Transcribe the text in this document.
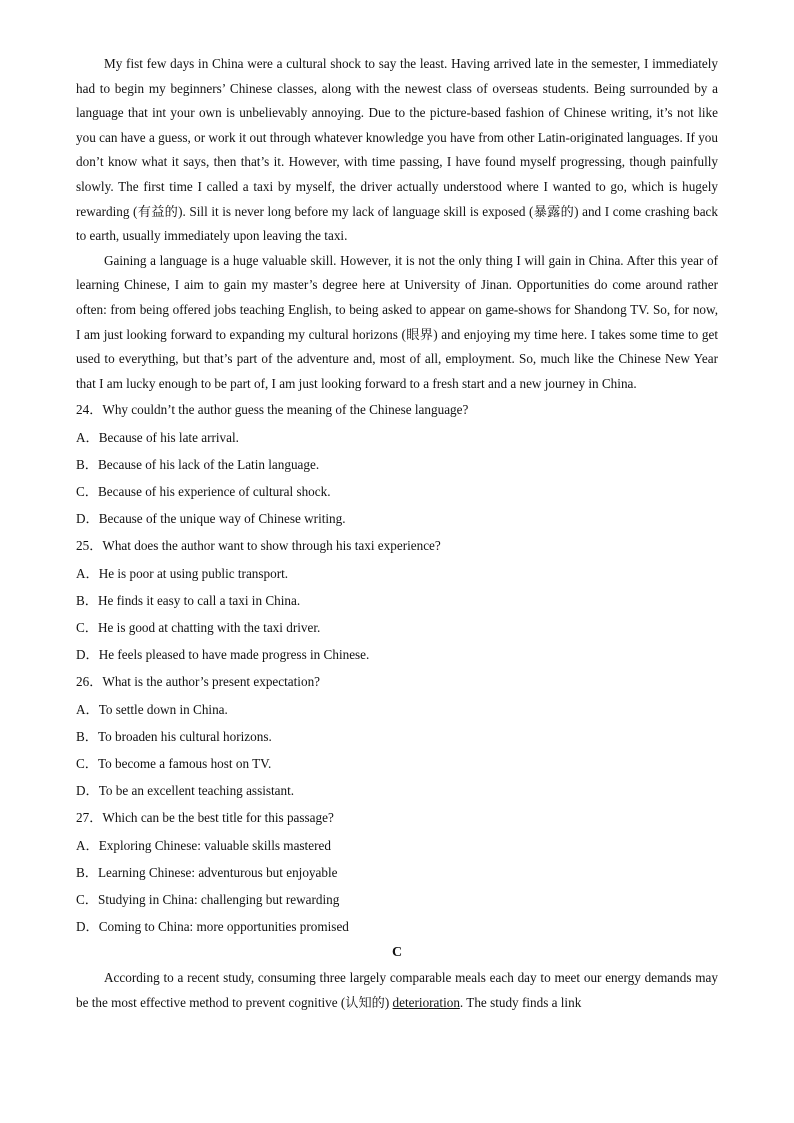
My fist few days in China were a cultural shock to say the least. Having arrived late in the semester, I immediately had to begin my beginners’ Chinese classes, along with the newest class of overseas students. Being surrounded by a language that int your own is unbelievably annoying. Due to the picture-based fashion of Chinese writing, it’s not like you can have a guess, or work it out through whatever knowledge you have from other Latin-originated languages. If you don’t know what it says, then that’s it. However, with time passing, I have found myself progressing, though painfully slowly. The first time I called a taxi by myself, the driver actually understood where I wanted to go, which is hugely rewarding (有益的). Sill it is never long before my lack of language skill is exposed (暴露的) and I come crashing back to earth, usually immediately upon leaving the taxi.

Gaining a language is a huge valuable skill. However, it is not the only thing I will gain in China. After this year of learning Chinese, I aim to gain my master’s degree here at University of Jinan. Opportunities do come around rather often: from being offered jobs teaching English, to being asked to appear on game-shows for Shandong TV. So, for now, I am just looking forward to expanding my cultural horizons (眼界) and enjoying my time here. I takes some time to get used to everything, but that’s part of the adventure and, most of all, employment. So, much like the Chinese New Year that I am lucky enough to be part of, I am just looking forward to a fresh start and a new journey in China.

24．Why couldn’t the author guess the meaning of the Chinese language?

A．Because of his late arrival.

B．Because of his lack of the Latin language.

C．Because of his experience of cultural shock.

D．Because of the unique way of Chinese writing.

25．What does the author want to show through his taxi experience?

A．He is poor at using public transport.

B．He finds it easy to call a taxi in China.

C．He is good at chatting with the taxi driver.

D．He feels pleased to have made progress in Chinese.

26．What is the author’s present expectation?

A．To settle down in China.

B．To broaden his cultural horizons.

C．To become a famous host on TV.

D．To be an excellent teaching assistant.

27．Which can be the best title for this passage?

A．Exploring Chinese: valuable skills mastered

B．Learning Chinese: adventurous but enjoyable

C．Studying in China: challenging but rewarding

D．Coming to China: more opportunities promised

C

According to a recent study, consuming three largely comparable meals each day to meet our energy demands may be the most effective method to prevent cognitive (认知的) deterioration. The study finds a link
